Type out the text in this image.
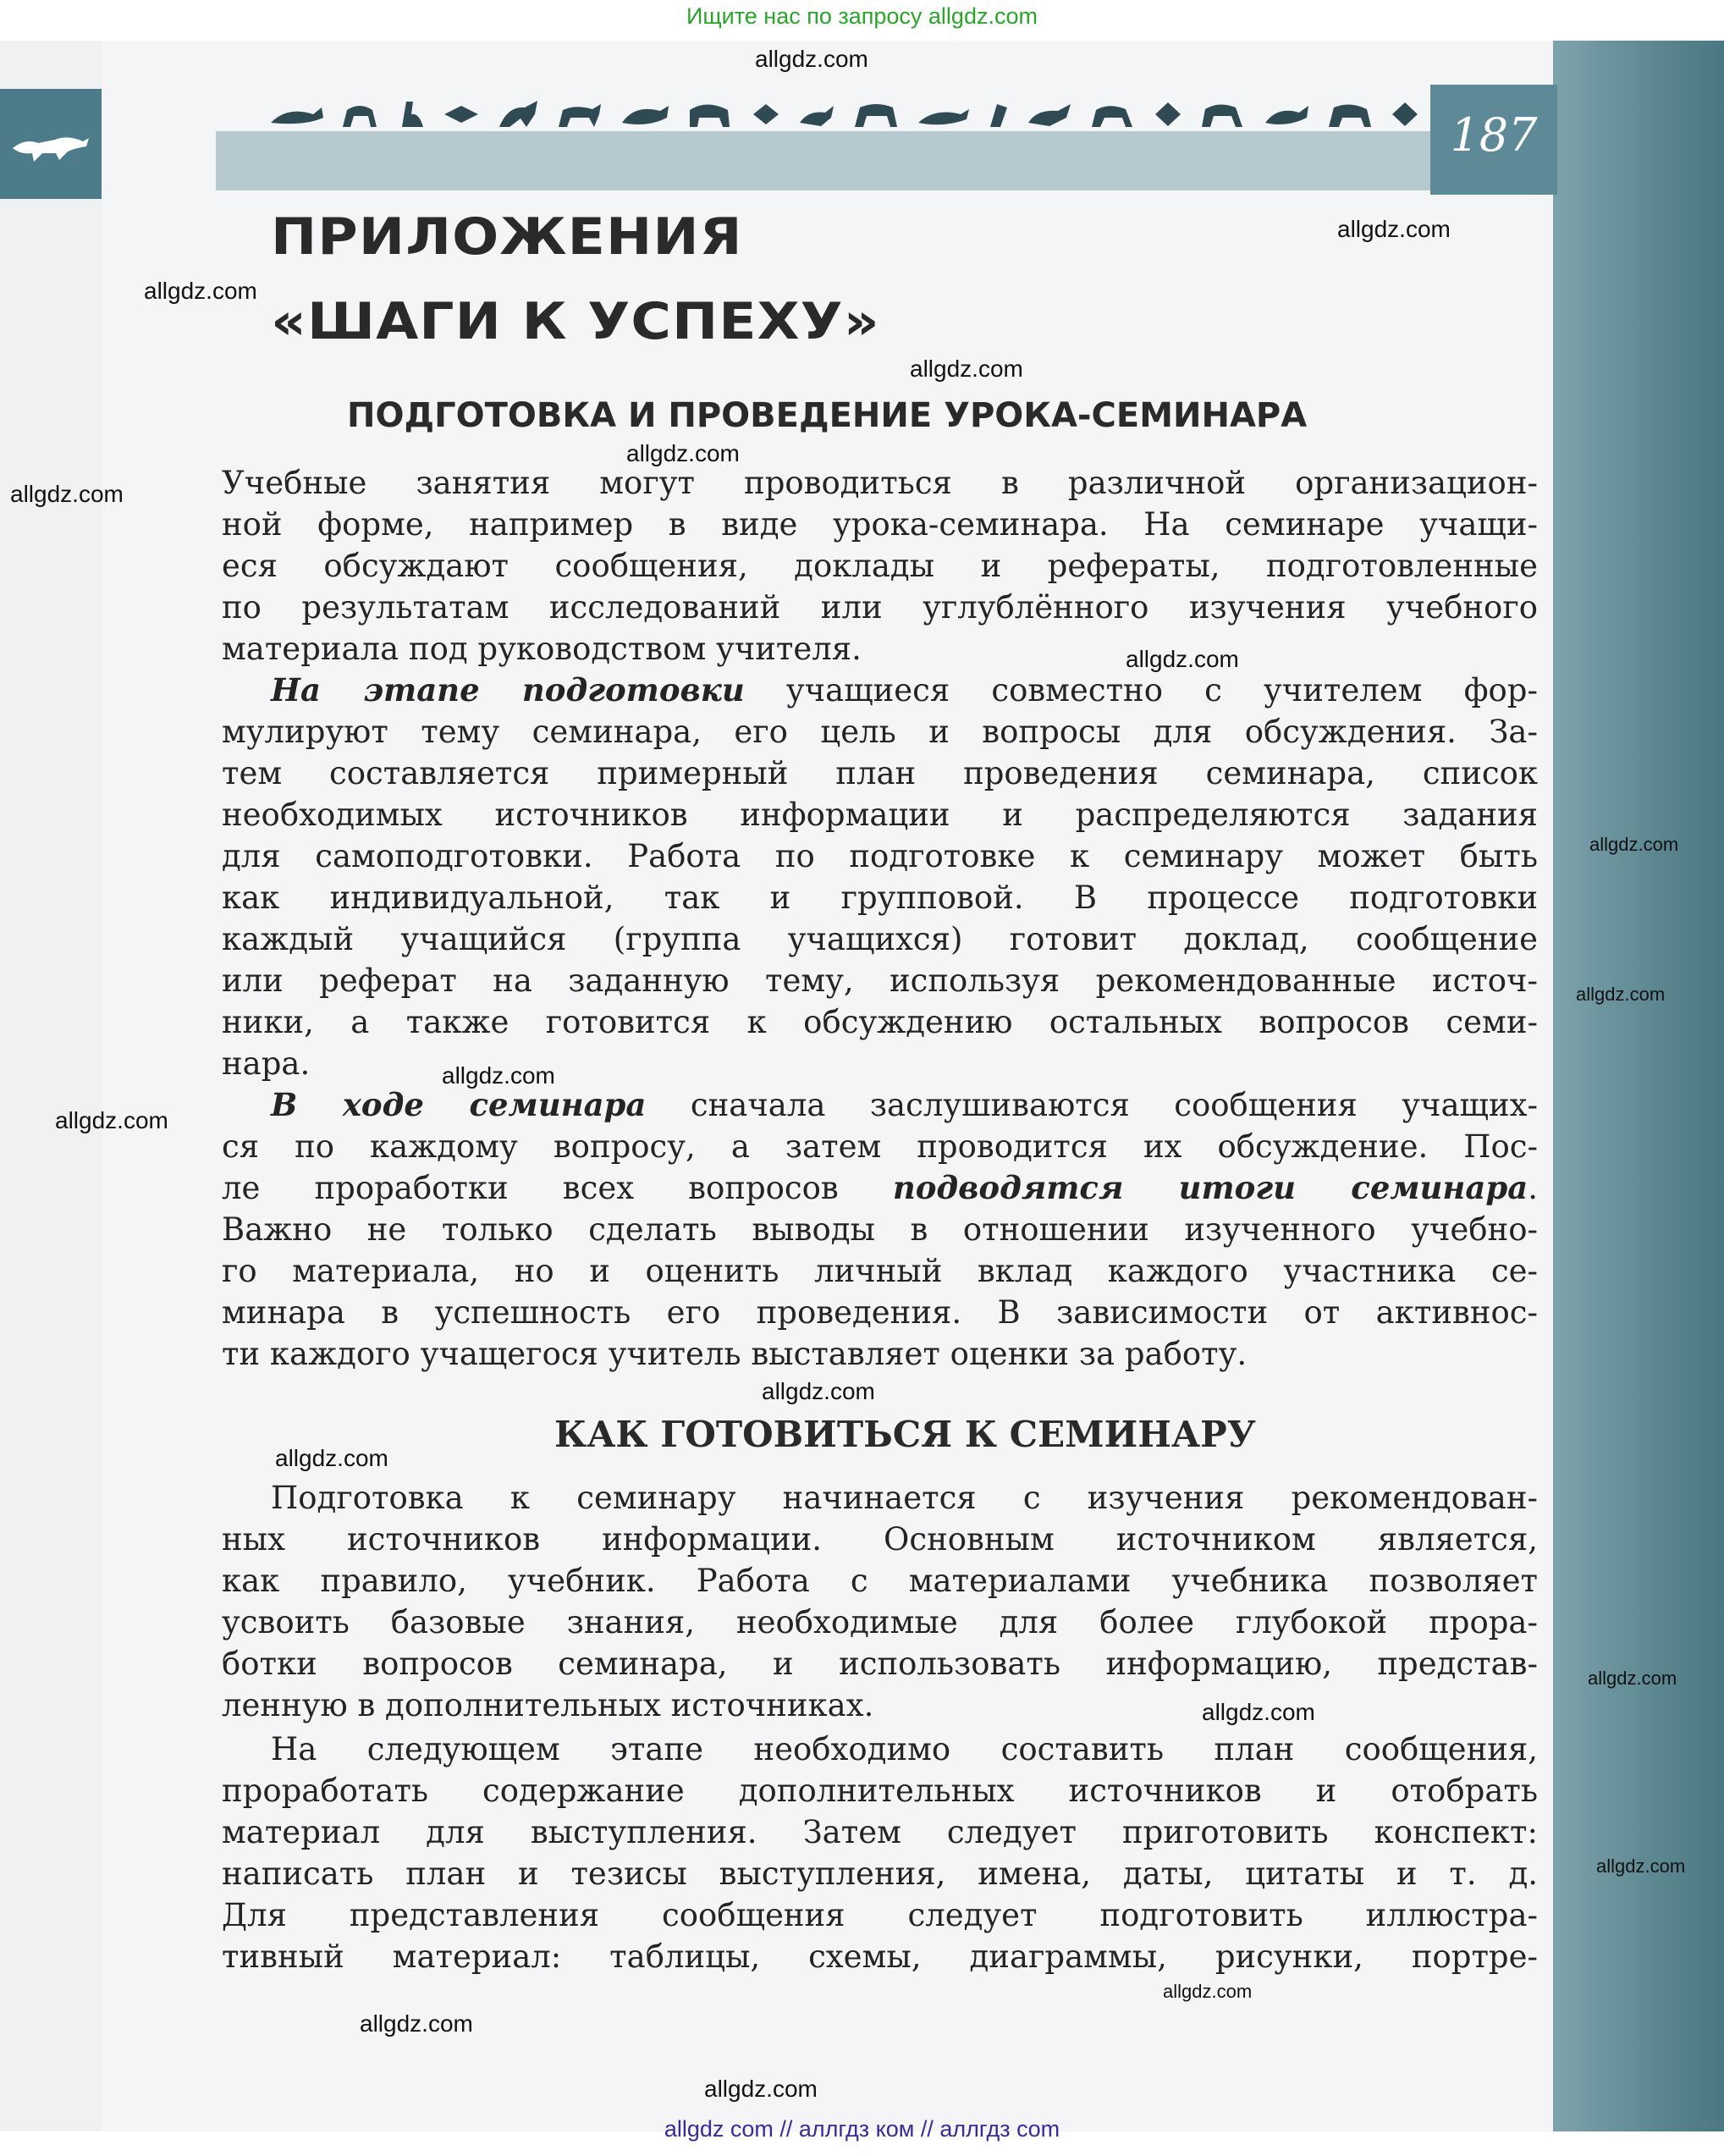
Ищите нас по запросу allgdz.com
187
ПРИЛОЖЕНИЯ
«ШАГИ К УСПЕХУ»
ПОДГОТОВКА И ПРОВЕДЕНИЕ УРОКА-СЕМИНАРА
Учебные занятия могут проводиться в различной организацион-
ной форме, например в виде урока-семинара. На семинаре учащи-
еся обсуждают сообщения, доклады и рефераты, подготовленные
по результатам исследований или углублённого изучения учебного
материала под руководством учителя.
На этапе подготовки учащиеся совместно с учителем фор-
мулируют тему семинара, его цель и вопросы для обсуждения. За-
тем составляется примерный план проведения семинара, список
необходимых источников информации и распределяются задания
для самоподготовки. Работа по подготовке к семинару может быть
как индивидуальной, так и групповой. В процессе подготовки
каждый учащийся (группа учащихся) готовит доклад, сообщение
или реферат на заданную тему, используя рекомендованные источ-
ники, а также готовится к обсуждению остальных вопросов семи-
нара.
В ходе семинара сначала заслушиваются сообщения учащих-
ся по каждому вопросу, а затем проводится их обсуждение. Пос-
ле проработки всех вопросов подводятся итоги семинара.
Важно не только сделать выводы в отношении изученного учебно-
го материала, но и оценить личный вклад каждого участника се-
минара в успешность его проведения. В зависимости от активнос-
ти каждого учащегося учитель выставляет оценки за работу.
КАК ГОТОВИТЬСЯ К СЕМИНАРУ
Подготовка к семинару начинается с изучения рекомендован-
ных источников информации. Основным источником является,
как правило, учебник. Работа с материалами учебника позволяет
усвоить базовые знания, необходимые для более глубокой прора-
ботки вопросов семинара, и использовать информацию, представ-
ленную в дополнительных источниках.
На следующем этапе необходимо составить план сообщения,
проработать содержание дополнительных источников и отобрать
материал для выступления. Затем следует приготовить конспект:
написать план и тезисы выступления, имена, даты, цитаты и т. д.
Для представления сообщения следует подготовить иллюстра-
тивный материал: таблицы, схемы, диаграммы, рисунки, портре-
allgdz.com
allgdz.com
allgdz.com
allgdz.com
allgdz.com
allgdz.com
allgdz.com
allgdz.com
allgdz.com
allgdz.com
allgdz.com
allgdz.com
allgdz.com
allgdz.com
allgdz.com
allgdz.com
allgdz.com
allgdz.com
allgdz.com
allgdz com // аллгдз ком // аллгдз com
